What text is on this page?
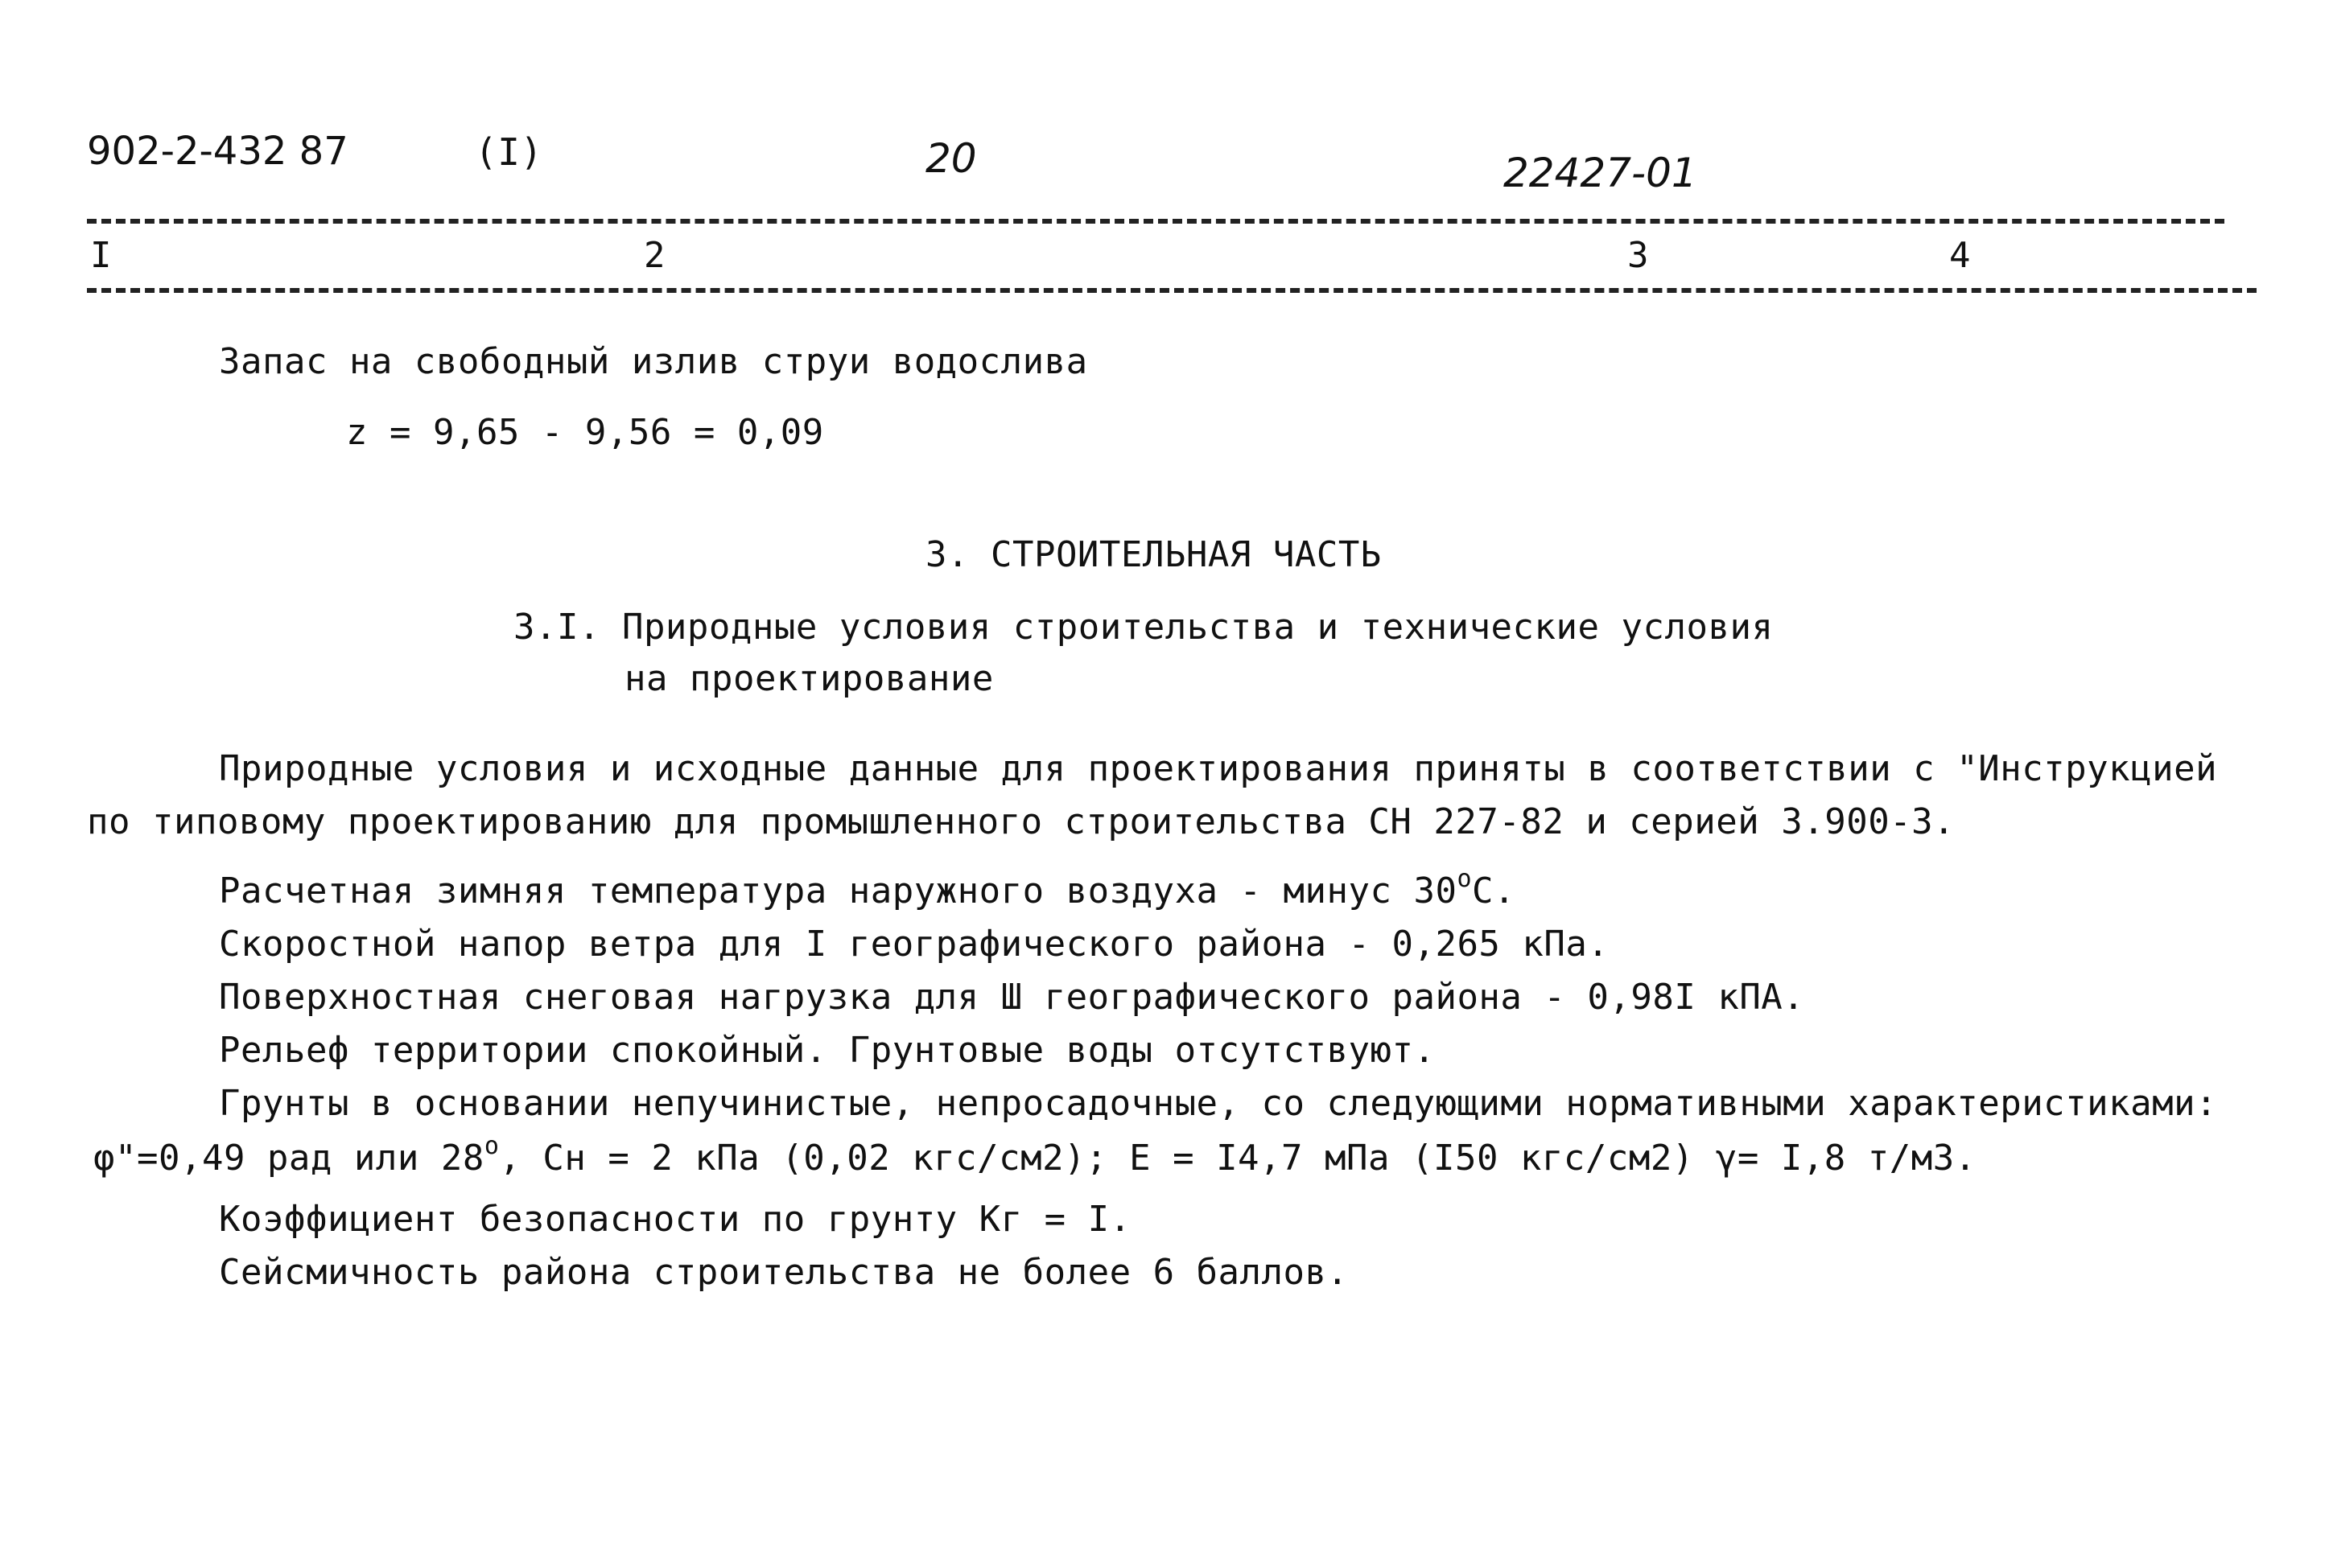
902-2-432 87	(I)	20	22427-01
I	2	3	4
Запас на свободный излив струи водослива
z = 9,65 - 9,56 = 0,09
3. СТРОИТЕЛЬНАЯ ЧАСТЬ
3.I. Природные условия строительства и технические условия
на проектирование
Природные условия и исходные данные для проектирования приняты в соответствии с "Инструкцией
по типовому проектированию для промышленного строительства СН 227-82 и серией 3.900-3.
Расчетная зимняя температура наружного воздуха - минус $30^оС$.
Скоростной напор ветра для I географического района - 0,265 кПа.
Поверхностная снеговая нагрузка для Ш географического района - 0,98I кПА.
Рельеф территории спокойный. Грунтовые воды отсутствуют.
Грунты в основании непучинистые, непросадочные, со следующими нормативными характеристиками:
φ"=0,49 рад или $28^о$, Сн = 2 кПа (0,02 кгс/см2); Е = I4,7 мПа (I50 кгс/см2) γ= I,8 т/м3.
Коэффициент безопасности по грунту Кг = I.
Сейсмичность района строительства не более 6 баллов.
